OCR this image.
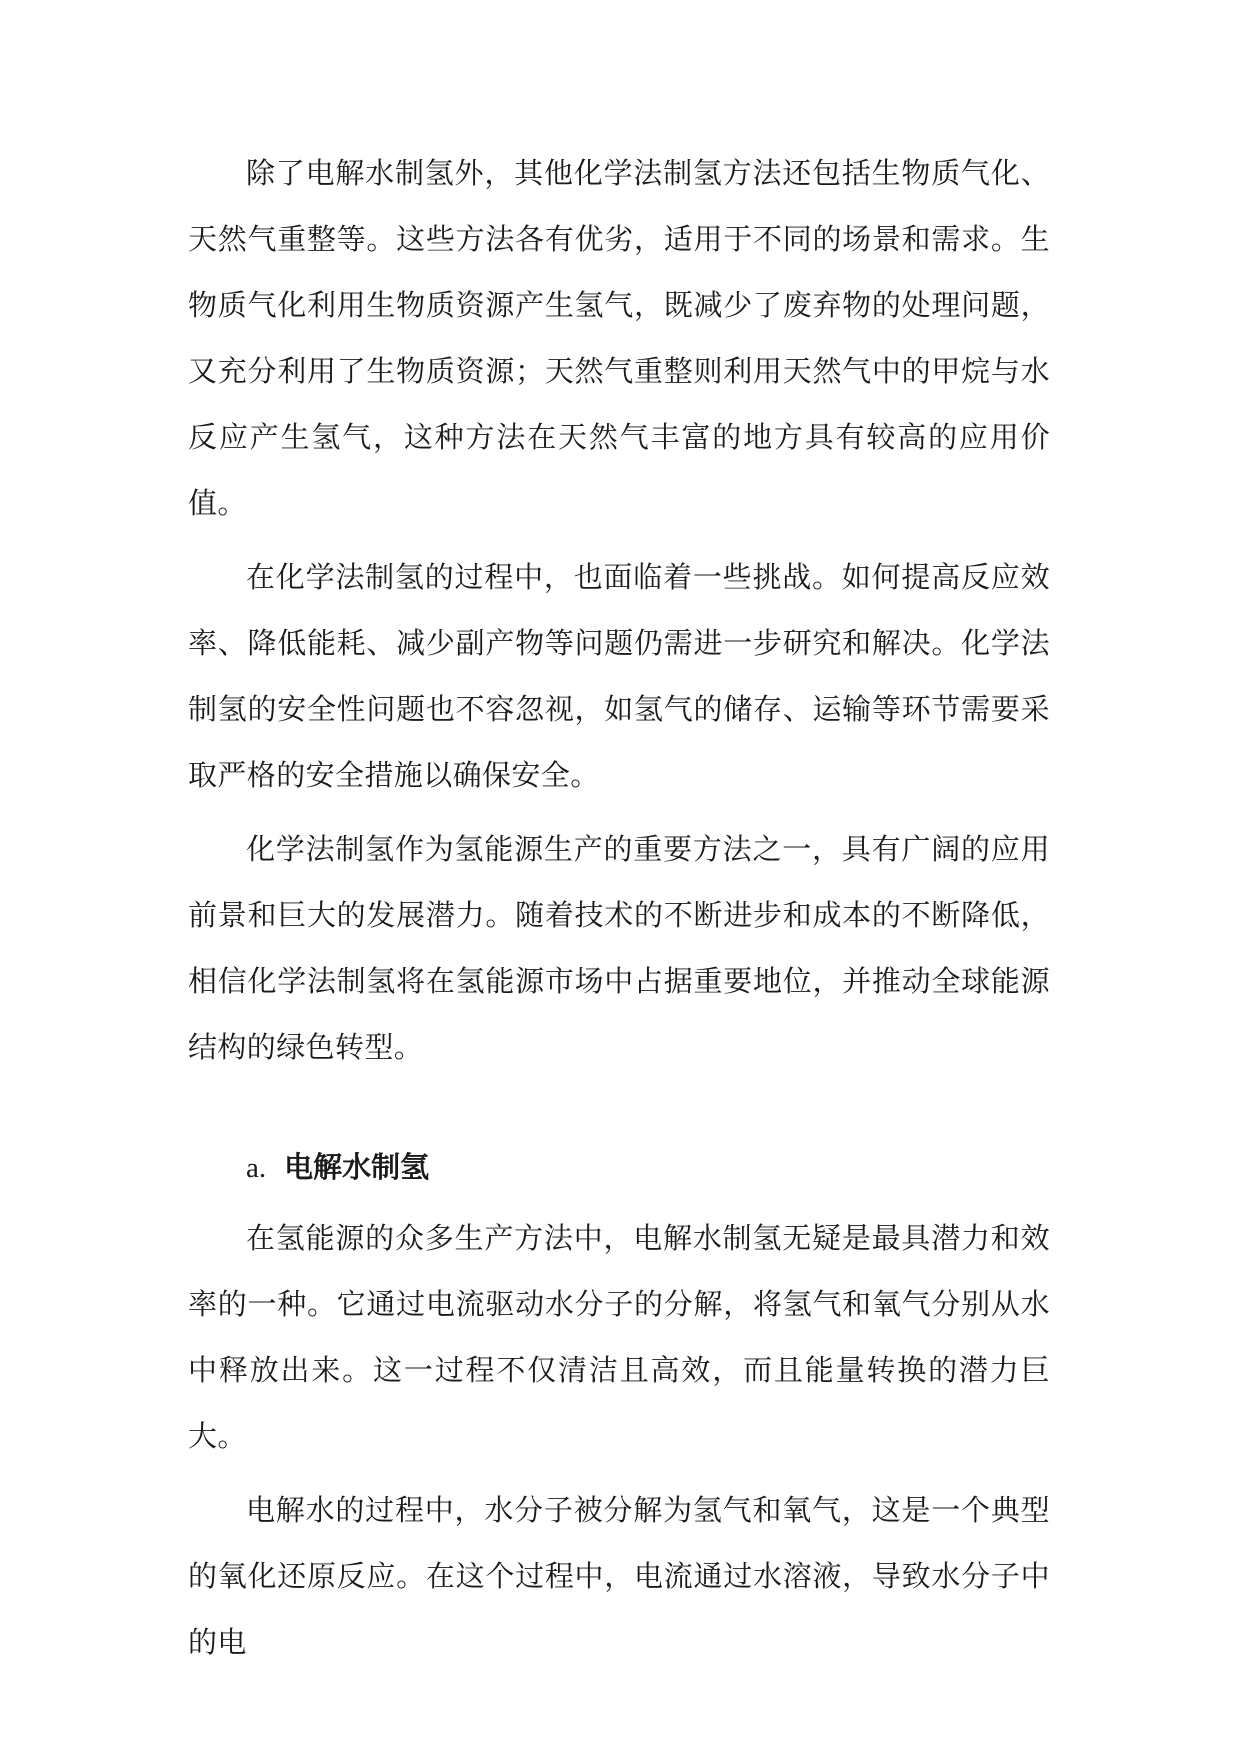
除了电解水制氢外，其他化学法制氢方法还包括生物质气化、天然气重整等。这些方法各有优劣，适用于不同的场景和需求。生物质气化利用生物质资源产生氢气，既减少了废弃物的处理问题，又充分利用了生物质资源；天然气重整则利用天然气中的甲烷与水反应产生氢气，这种方法在天然气丰富的地方具有较高的应用价值。

在化学法制氢的过程中，也面临着一些挑战。如何提高反应效率、降低能耗、减少副产物等问题仍需进一步研究和解决。化学法制氢的安全性问题也不容忽视，如氢气的储存、运输等环节需要采取严格的安全措施以确保安全。

化学法制氢作为氢能源生产的重要方法之一，具有广阔的应用前景和巨大的发展潜力。随着技术的不断进步和成本的不断降低，相信化学法制氢将在氢能源市场中占据重要地位，并推动全球能源结构的绿色转型。

a. 电解水制氢

在氢能源的众多生产方法中，电解水制氢无疑是最具潜力和效率的一种。它通过电流驱动水分子的分解，将氢气和氧气分别从水中释放出来。这一过程不仅清洁且高效，而且能量转换的潜力巨大。

电解水的过程中，水分子被分解为氢气和氧气，这是一个典型的氧化还原反应。在这个过程中，电流通过水溶液，导致水分子中的电
